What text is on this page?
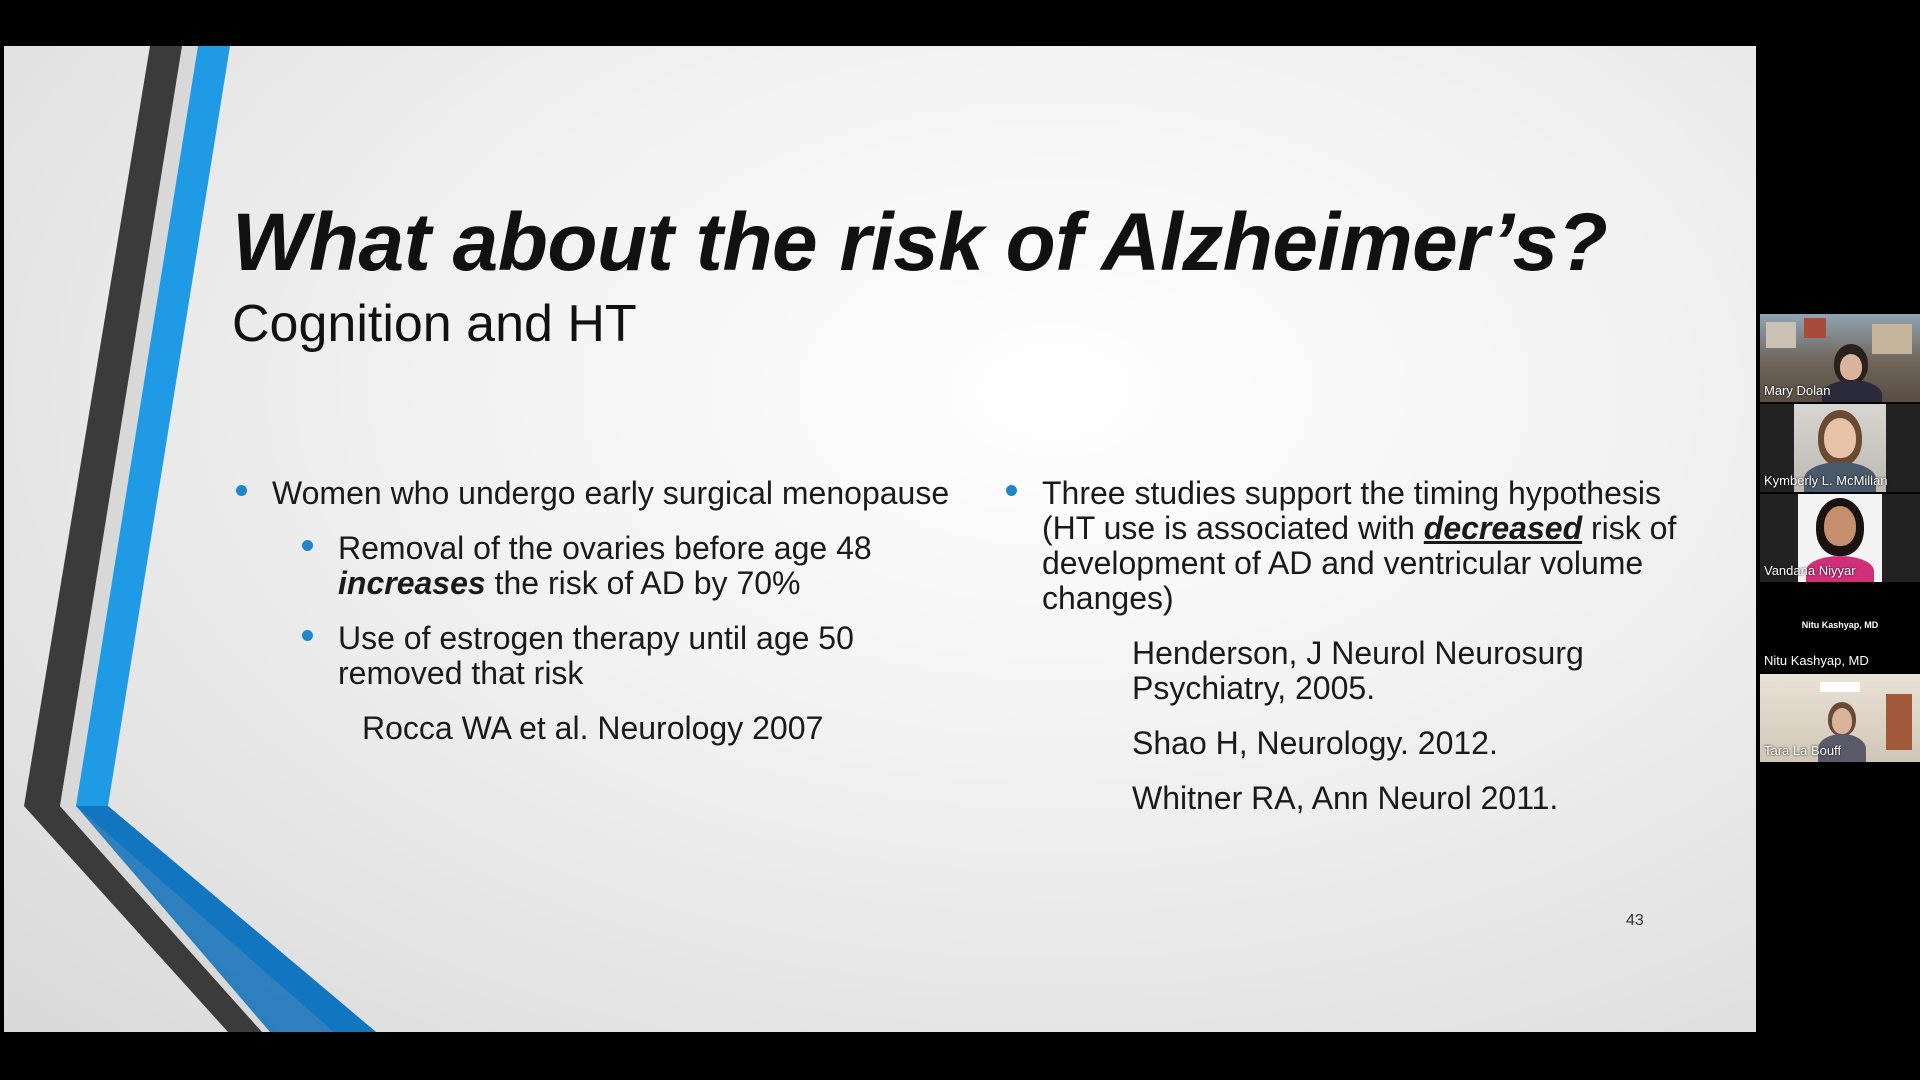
What about the risk of Alzheimer’s?
Cognition and HT
Women who undergo early surgical menopause
Removal of the ovaries before age 48
increases the risk of AD by 70%
Use of estrogen therapy until age 50 removed that risk
Rocca WA et al. Neurology 2007
Three studies support the timing hypothesis (HT use is associated with decreased risk of development of AD and ventricular volume changes)
Henderson, J Neurol Neurosurg Psychiatry, 2005.
Shao H, Neurology. 2012.
Whitner RA, Ann Neurol 2011.
43
Mary Dolan
Kymberly L. McMillan
Vandana Niyyar
Nitu Kashyap, MD
Nitu Kashyap, MD
Tara La Bouff
